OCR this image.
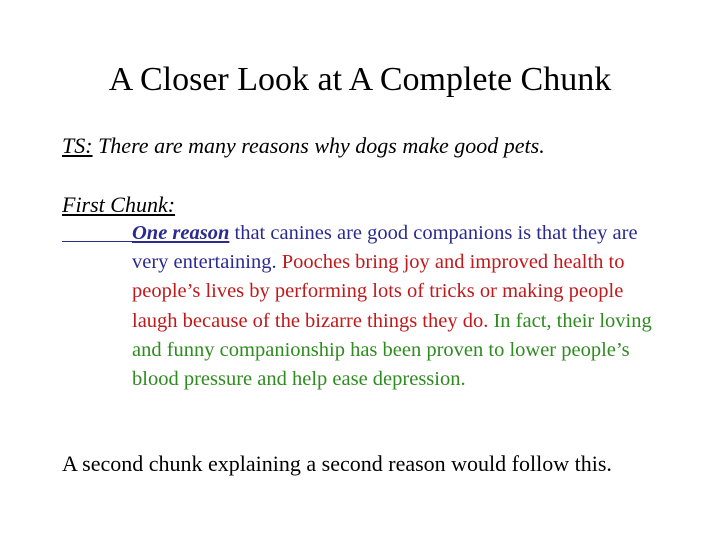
A Closer Look at A Complete Chunk
TS: There are many reasons why dogs make good pets.
First Chunk:
One reason that canines are good companions is that they are very entertaining. Pooches bring joy and improved health to people’s lives by performing lots of tricks or making people laugh because of the bizarre things they do. In fact, their loving and funny companionship has been proven to lower people’s blood pressure and help ease depression.
A second chunk explaining a second reason would follow this.
